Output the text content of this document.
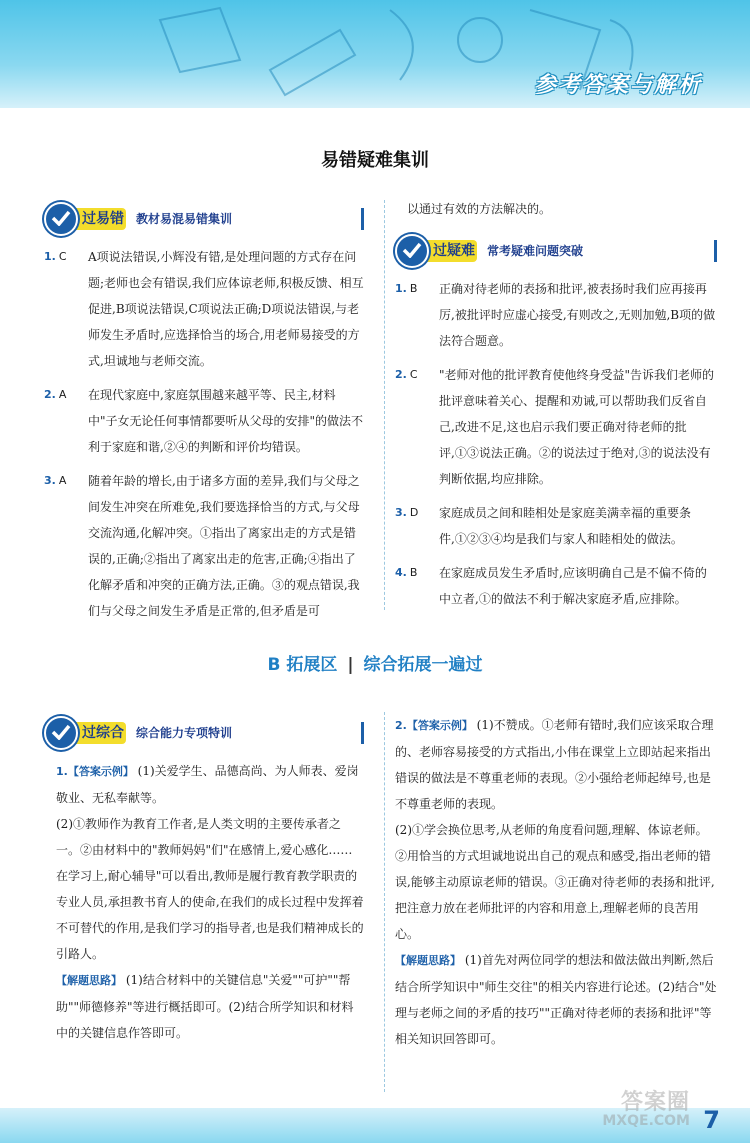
参考答案与解析
易错疑难集训
过易错	教材易混易错集训
1. C A项说法错误,小辉没有错,是处理问题的方式存在问题;老师也会有错误,我们应体谅老师,积极反馈、相互促进,B项说法错误,C项说法正确;D项说法错误,与老师发生矛盾时,应选择恰当的场合,用老师易接受的方式,坦诚地与老师交流。

2. A 在现代家庭中,家庭氛围越来越平等、民主,材料中"子女无论任何事情都要听从父母的安排"的做法不利于家庭和谐,②④的判断和评价均错误。

3. A 随着年龄的增长,由于诸多方面的差异,我们与父母之间发生冲突在所难免,我们要选择恰当的方式,与父母交流沟通,化解冲突。①指出了离家出走的方式是错误的,正确;②指出了离家出走的危害,正确;④指出了化解矛盾和冲突的正确方法,正确。③的观点错误,我们与父母之间发生矛盾是正常的,但矛盾是可

以通过有效的方法解决的。

过疑难	常考疑难问题突破
1. B 正确对待老师的表扬和批评,被表扬时我们应再接再厉,被批评时应虚心接受,有则改之,无则加勉,B项的做法符合题意。

2. C "老师对他的批评教育使他终身受益"告诉我们老师的批评意味着关心、提醒和劝诫,可以帮助我们反省自己,改进不足,这也启示我们要正确对待老师的批评,①③说法正确。②的说法过于绝对,③的说法没有判断依据,均应排除。

3. D 家庭成员之间和睦相处是家庭美满幸福的重要条件,①②③④均是我们与家人和睦相处的做法。

4. B 在家庭成员发生矛盾时,应该明确自己是不偏不倚的中立者,①的做法不利于解决家庭矛盾,应排除。

B 拓展区 | 综合拓展一遍过
过综合	综合能力专项特训

1.【答案示例】 (1)关爱学生、品德高尚、为人师表、爱岗敬业、无私奉献等。

(2)①教师作为教育工作者,是人类文明的主要传承者之一。②由材料中的"教师妈妈"们"在感情上,爱心感化……在学习上,耐心辅导"可以看出,教师是履行教育教学职责的专业人员,承担教书育人的使命,在我们的成长过程中发挥着不可替代的作用,是我们学习的指导者,也是我们精神成长的引路人。

【解题思路】 (1)结合材料中的关键信息"关爱""可护""帮助""师德修养"等进行概括即可。(2)结合所学知识和材料中的关键信息作答即可。

2.【答案示例】 (1)不赞成。①老师有错时,我们应该采取合理的、老师容易接受的方式指出,小伟在课堂上立即站起来指出错误的做法是不尊重老师的表现。②小强给老师起绰号,也是不尊重老师的表现。

(2)①学会换位思考,从老师的角度看问题,理解、体谅老师。②用恰当的方式坦诚地说出自己的观点和感受,指出老师的错误,能够主动原谅老师的错误。③正确对待老师的表扬和批评,把注意力放在老师批评的内容和用意上,理解老师的良苦用心。

【解题思路】 (1)首先对两位同学的想法和做法做出判断,然后结合所学知识中"师生交往"的相关内容进行论述。(2)结合"处理与老师之间的矛盾的技巧""正确对待老师的表扬和批评"等相关知识回答即可。

答案圈
MXQE.COM 7
